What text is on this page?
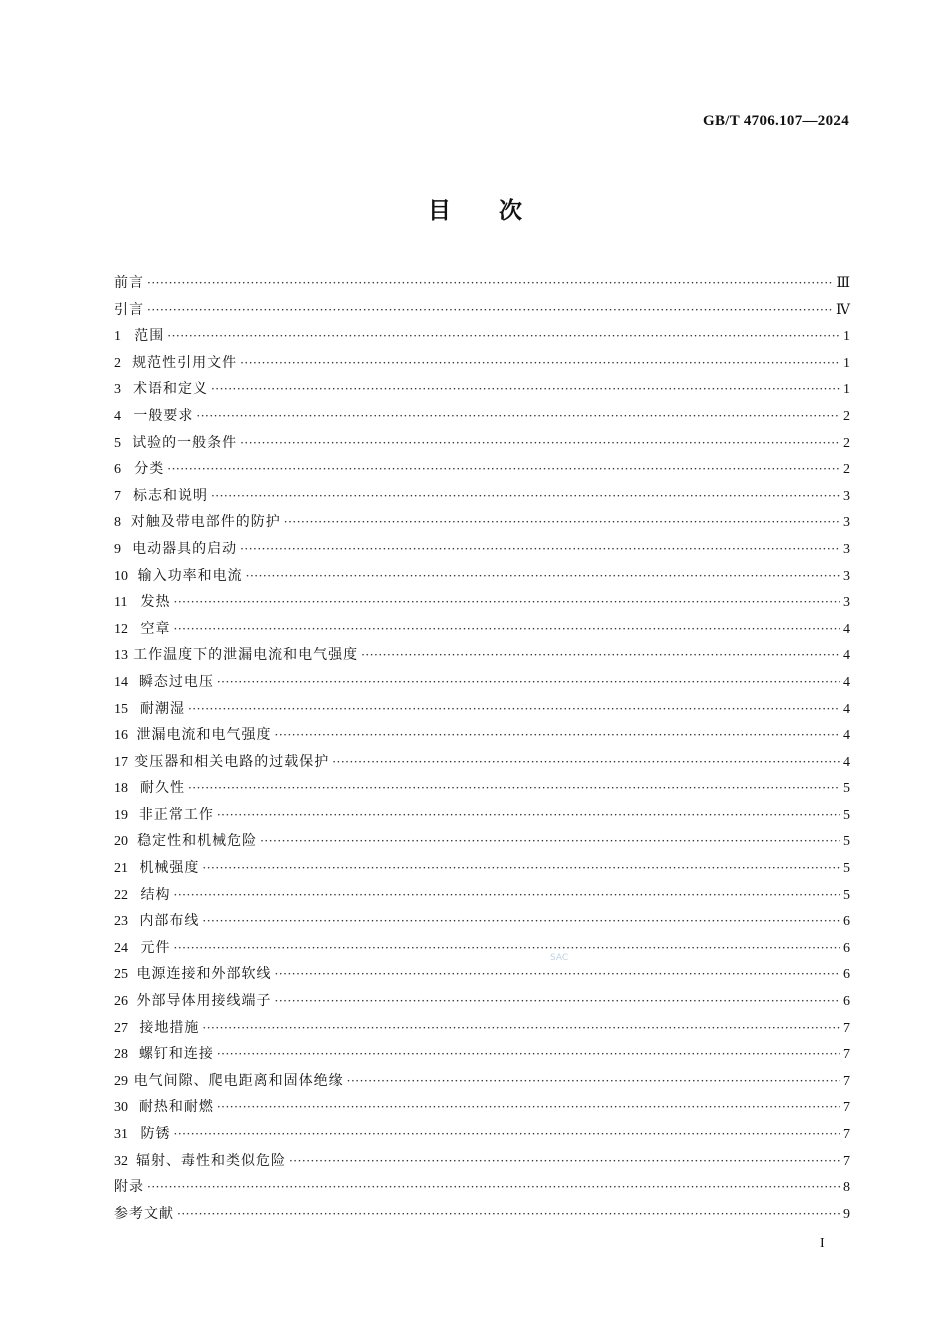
GB/T 4706.107—2024
目次
前言 ·····	Ⅲ
引言 ·····	Ⅳ
1 范围 ·····	1
2 规范性引用文件 ·····	1
3 术语和定义 ·····	1
4 一般要求 ·····	2
5 试验的一般条件 ·····	2
6 分类 ·····	2
7 标志和说明 ·····	3
8 对触及带电部件的防护 ·····	3
9 电动器具的启动 ·····	3
10 输入功率和电流 ·····	3
11 发热 ·····	3
12 空章 ·····	4
13 工作温度下的泄漏电流和电气强度 ·····	4
14 瞬态过电压 ·····	4
15 耐潮湿 ·····	4
16 泄漏电流和电气强度 ·····	4
17 变压器和相关电路的过载保护 ·····	4
18 耐久性 ·····	5
19 非正常工作 ·····	5
20 稳定性和机械危险 ·····	5
21 机械强度 ·····	5
22 结构 ·····	5
23 内部布线 ·····	6
24 元件 ·····	6
25 电源连接和外部软线 ·····	6
26 外部导体用接线端子 ·····	6
27 接地措施 ·····	7
28 螺钉和连接 ·····	7
29 电气间隙、爬电距离和固体绝缘 ·····	7
30 耐热和耐燃 ·····	7
31 防锈 ·····	7
32 辐射、毒性和类似危险 ·····	7
附录 ·····	8
参考文献 ·····	9
SAC
I
